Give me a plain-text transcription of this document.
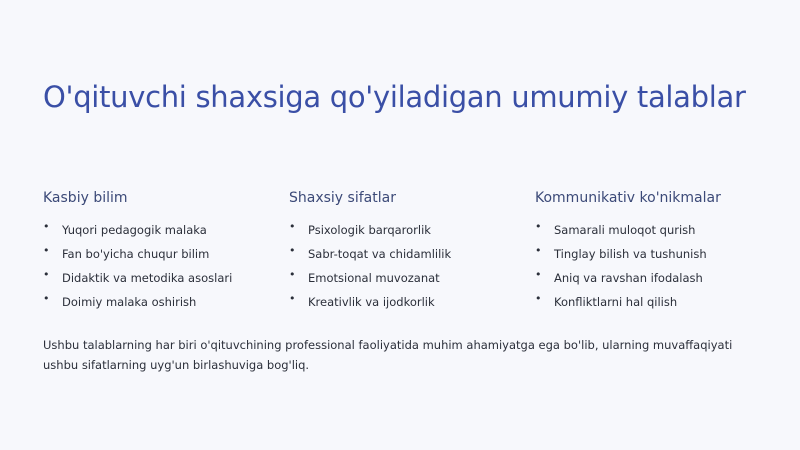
O'qituvchi shaxsiga qo'yiladigan umumiy talablar
Kasbiy bilim
• Yuqori pedagogik malaka
• Fan bo'yicha chuqur bilim
• Didaktik va metodika asoslari
• Doimiy malaka oshirish
Shaxsiy sifatlar
• Psixologik barqarorlik
• Sabr-toqat va chidamlilik
• Emotsional muvozanat
• Kreativlik va ijodkorlik
Kommunikativ ko'nikmalar
• Samarali muloqot qurish
• Tinglay bilish va tushunish
• Aniq va ravshan ifodalash
• Konfliktlarni hal qilish

Ushbu talablarning har biri o'qituvchining professional faoliyatida muhim ahamiyatga ega bo'lib, ularning muvaffaqiyati ushbu sifatlarning uyg'un birlashuviga bog'liq.
